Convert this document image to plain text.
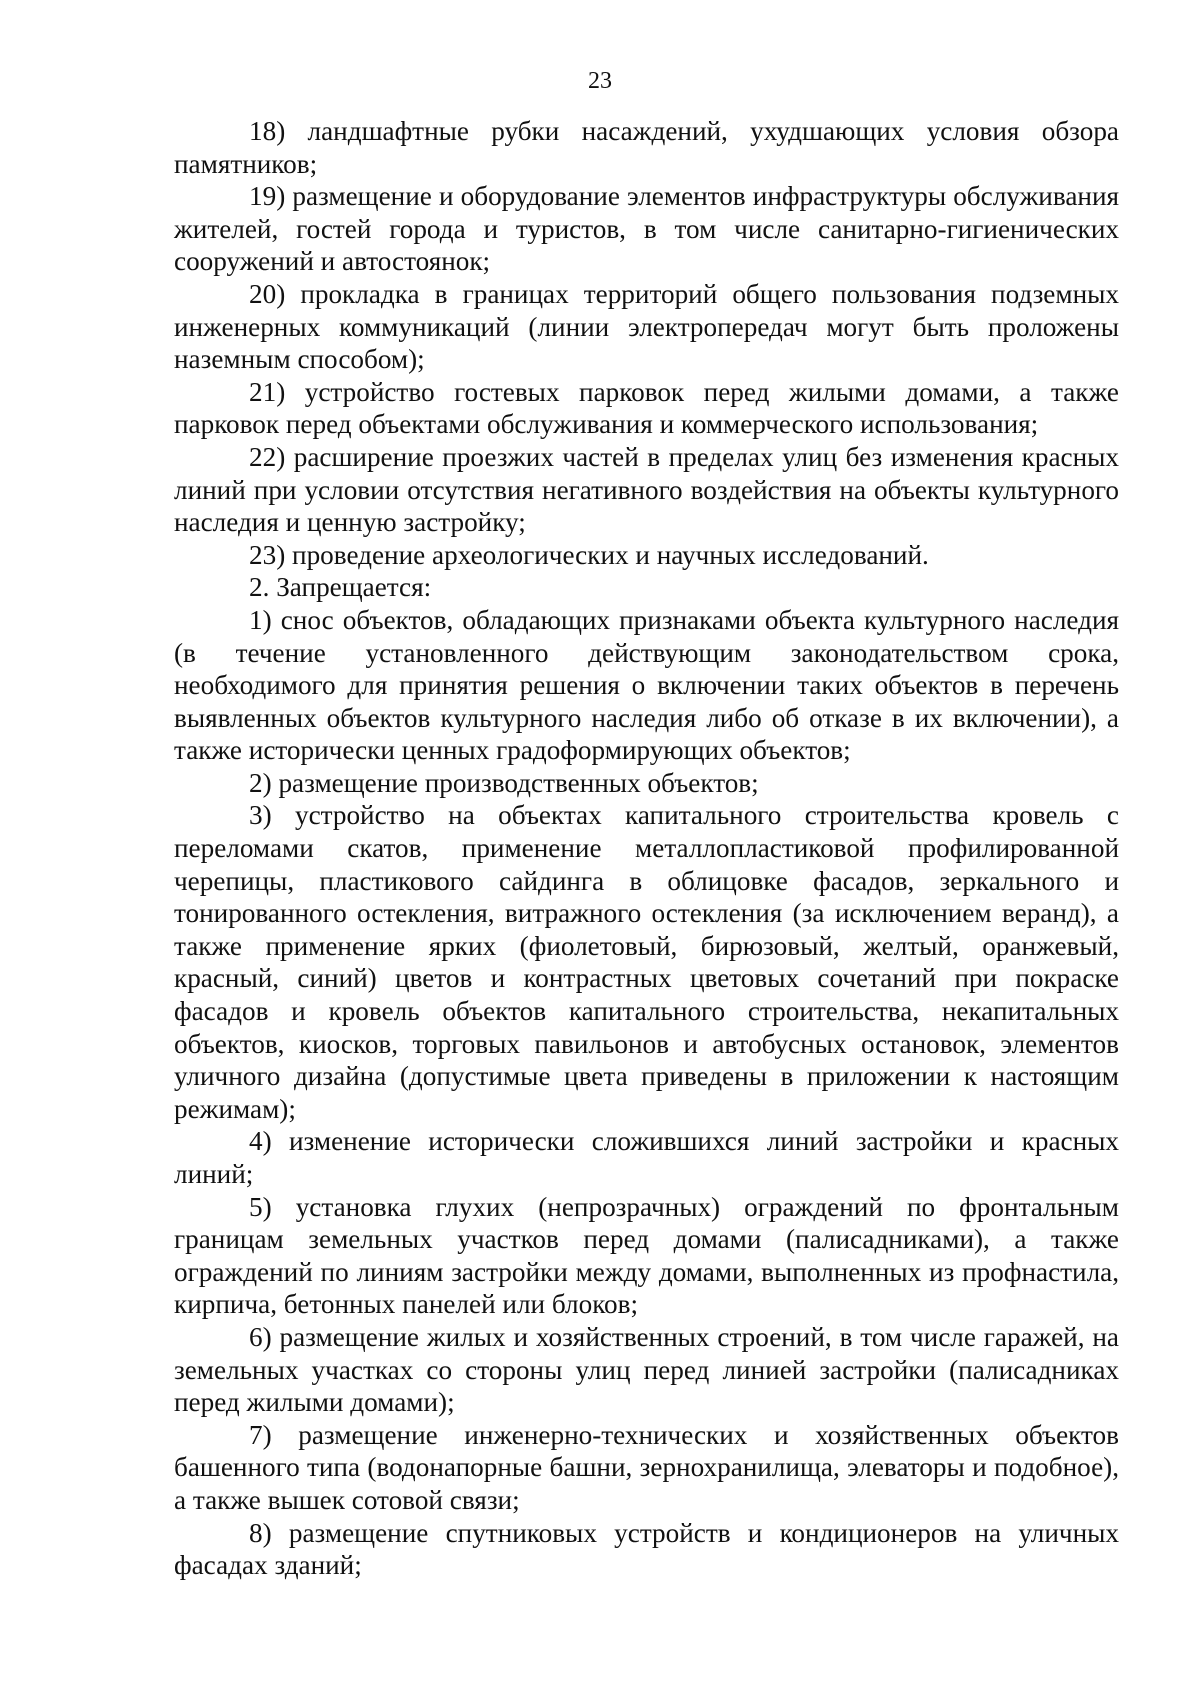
23

18) ландшафтные рубки насаждений, ухудшающих условия обзора памятников;

19) размещение и оборудование элементов инфраструктуры обслуживания жителей, гостей города и туристов, в том числе санитарно-гигиенических сооружений и автостоянок;

20) прокладка в границах территорий общего пользования подземных инженерных коммуникаций (линии электропередач могут быть проложены наземным способом);

21) устройство гостевых парковок перед жилыми домами, а также парковок перед объектами обслуживания и коммерческого использования;

22) расширение проезжих частей в пределах улиц без изменения красных линий при условии отсутствия негативного воздействия на объекты культурного наследия и ценную застройку;

23) проведение археологических и научных исследований.

2. Запрещается:

1) снос объектов, обладающих признаками объекта культурного наследия (в течение установленного действующим законодательством срока, необходимого для принятия решения о включении таких объектов в перечень выявленных объектов культурного наследия либо об отказе в их включении), а также исторически ценных градоформирующих объектов;

2) размещение производственных объектов;

3) устройство на объектах капитального строительства кровель с переломами скатов, применение металлопластиковой профилированной черепицы, пластикового сайдинга в облицовке фасадов, зеркального и тонированного остекления, витражного остекления (за исключением веранд), а также применение ярких (фиолетовый, бирюзовый, желтый, оранжевый, красный, синий) цветов и контрастных цветовых сочетаний при покраске фасадов и кровель объектов капитального строительства, некапитальных объектов, киосков, торговых павильонов и автобусных остановок, элементов уличного дизайна (допустимые цвета приведены в приложении к настоящим режимам);

4) изменение исторически сложившихся линий застройки и красных линий;

5) установка глухих (непрозрачных) ограждений по фронтальным границам земельных участков перед домами (палисадниками), а также ограждений по линиям застройки между домами, выполненных из профнастила, кирпича, бетонных панелей или блоков;

6) размещение жилых и хозяйственных строений, в том числе гаражей, на земельных участках со стороны улиц перед линией застройки (палисадниках перед жилыми домами);

7) размещение инженерно-технических и хозяйственных объектов башенного типа (водонапорные башни, зернохранилища, элеваторы и подобное), а также вышек сотовой связи;

8) размещение спутниковых устройств и кондиционеров на уличных фасадах зданий;
